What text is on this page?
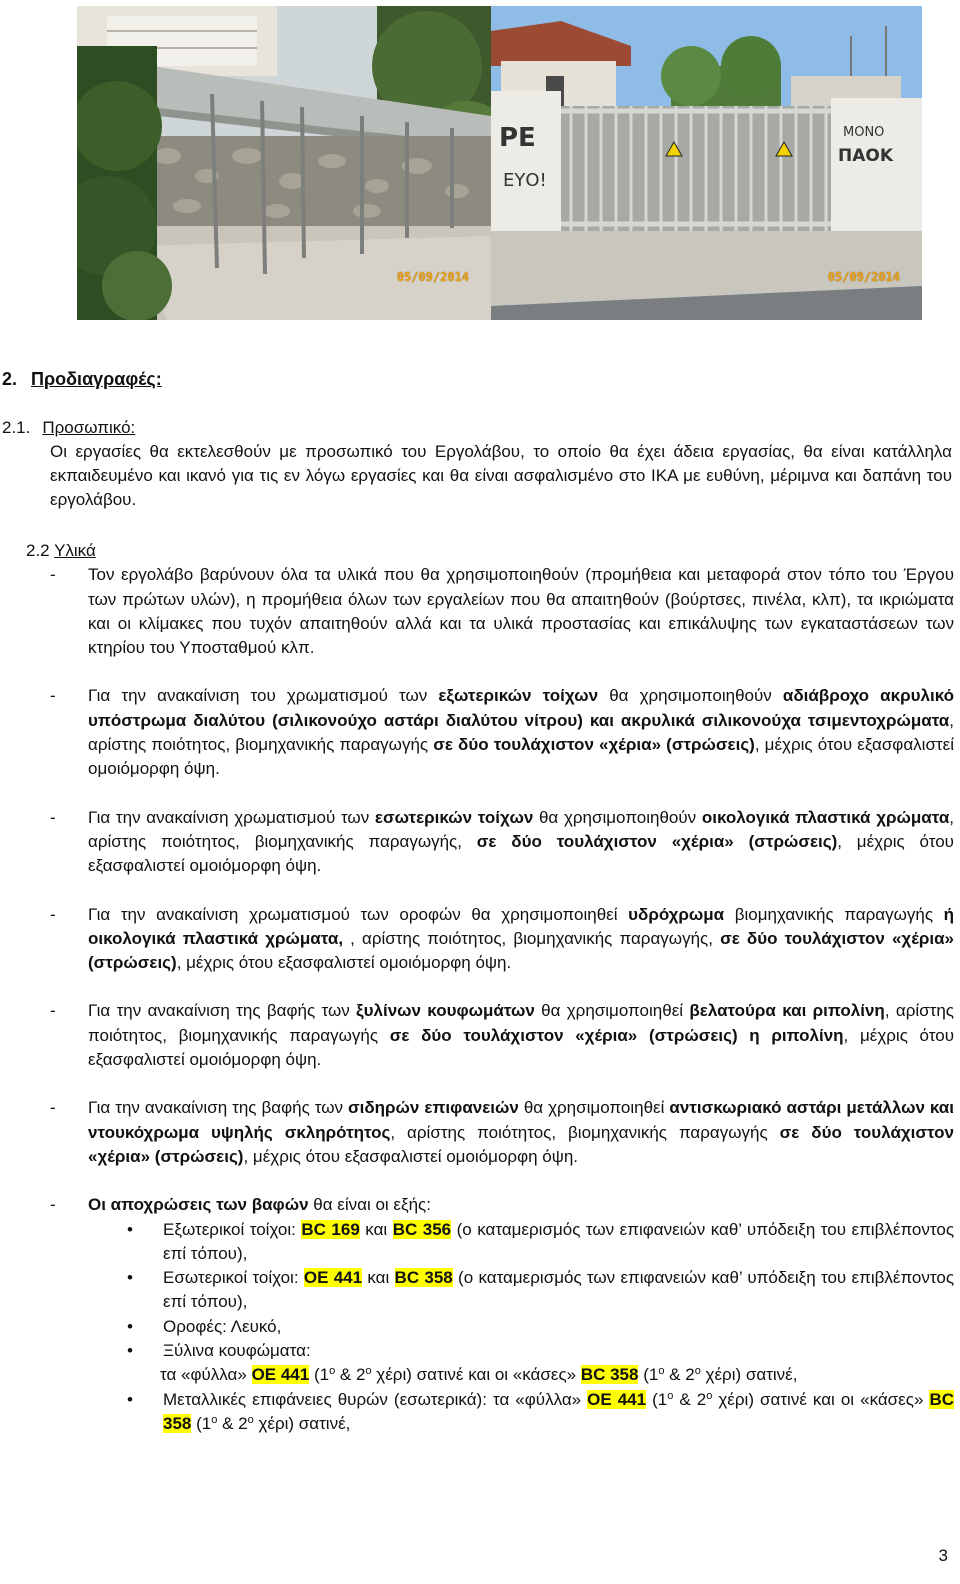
05/09/2014
PE
ΕΥΟ!
ΜΟΝΟ
ΠΑΟΚ
05/09/2014
2. Προδιαγραφές:
2.1. Προσωπικό:

Οι εργασίες θα εκτελεσθούν με προσωπικό του Εργολάβου, το οποίο θα έχει άδεια εργασίας, θα είναι κατάλληλα εκπαιδευμένο και ικανό για τις εν λόγω εργασίες και θα είναι ασφαλισμένο στο ΙΚΑ με ευθύνη, μέριμνα και δαπάνη του εργολάβου.

2.2 Υλικά
- Τον εργολάβο βαρύνουν όλα τα υλικά που θα χρησιμοποιηθούν (προμήθεια και μεταφορά στον τόπο του Έργου των πρώτων υλών), η προμήθεια όλων των εργαλείων που θα απαιτηθούν (βούρτσες, πινέλα, κλπ), τα ικριώματα και οι κλίμακες που τυχόν απαιτηθούν αλλά και τα υλικά προστασίας και επικάλυψης των εγκαταστάσεων των κτηρίου του Υποσταθμού κλπ.
- Για την ανακαίνιση του χρωματισμού των εξωτερικών τοίχων θα χρησιμοποιηθούν αδιάβροχο ακρυλικό υπόστρωμα διαλύτου (σιλικονούχο αστάρι διαλύτου νίτρου) και ακρυλικά σιλικονούχα τσιμεντοχρώματα, αρίστης ποιότητος, βιομηχανικής παραγωγής σε δύο τουλάχιστον «χέρια» (στρώσεις), μέχρις ότου εξασφαλιστεί ομοιόμορφη όψη.
- Για την ανακαίνιση χρωματισμού των εσωτερικών τοίχων θα χρησιμοποιηθούν οικολογικά πλαστικά χρώματα, αρίστης ποιότητος, βιομηχανικής παραγωγής, σε δύο τουλάχιστον «χέρια» (στρώσεις), μέχρις ότου εξασφαλιστεί ομοιόμορφη όψη.
- Για την ανακαίνιση χρωματισμού των οροφών θα χρησιμοποιηθεί υδρόχρωμα βιομηχανικής παραγωγής ή οικολογικά πλαστικά χρώματα, , αρίστης ποιότητος, βιομηχανικής παραγωγής, σε δύο τουλάχιστον «χέρια» (στρώσεις), μέχρις ότου εξασφαλιστεί ομοιόμορφη όψη.
- Για την ανακαίνιση της βαφής των ξυλίνων κουφωμάτων θα χρησιμοποιηθεί βελατούρα και ριπολίνη, αρίστης ποιότητος, βιομηχανικής παραγωγής σε δύο τουλάχιστον «χέρια» (στρώσεις) η ριπολίνη, μέχρις ότου εξασφαλιστεί ομοιόμορφη όψη.
- Για την ανακαίνιση της βαφής των σιδηρών επιφανειών θα χρησιμοποιηθεί αντισκωριακό αστάρι μετάλλων και ντουκόχρωμα υψηλής σκληρότητος, αρίστης ποιότητος, βιομηχανικής παραγωγής σε δύο τουλάχιστον «χέρια» (στρώσεις), μέχρις ότου εξασφαλιστεί ομοιόμορφη όψη.
- Οι αποχρώσεις των βαφών θα είναι οι εξής:
• Εξωτερικοί τοίχοι: BC 169 και BC 356 (ο καταμερισμός των επιφανειών καθ’ υπόδειξη του επιβλέποντος επί τόπου),
• Εσωτερικοί τοίχοι: ΟΕ 441 και BC 358 (ο καταμερισμός των επιφανειών καθ’ υπόδειξη του επιβλέποντος επί τόπου),
• Οροφές: Λευκό,
• Ξύλινα κουφώματα:
τα «φύλλα» ΟΕ 441 ($1^o$ & $2^o$ χέρι) σατινέ και οι «κάσες» BC 358 ($1^o$ & $2^o$ χέρι) σατινέ,
• Μεταλλικές επιφάνειες θυρών (εσωτερικά): τα «φύλλα» ΟΕ 441 ($1^o$ & $2^o$ χέρι) σατινέ και οι «κάσες» BC 358 ($1^o$ & $2^o$ χέρι) σατινέ,
3
